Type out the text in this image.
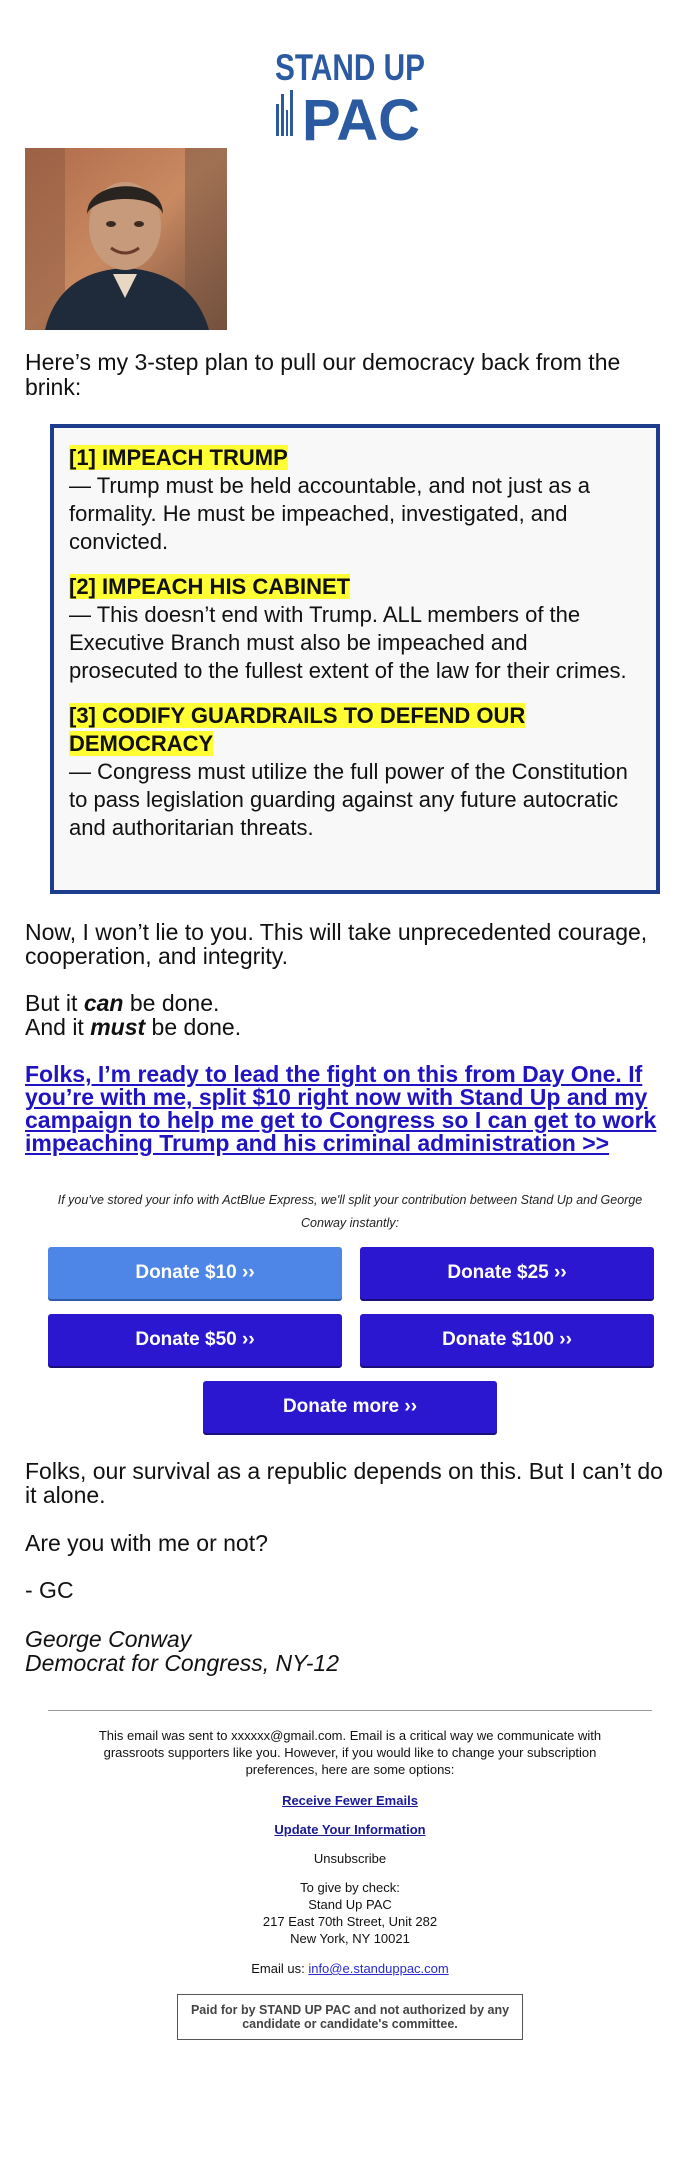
STAND UP
PAC

Here’s my 3-step plan to pull our democracy back from the brink:

[1] IMPEACH TRUMP
— Trump must be held accountable, and not just as a formality. He must be impeached, investigated, and convicted.
[2] IMPEACH HIS CABINET
— This doesn’t end with Trump. ALL members of the Executive Branch must also be impeached and prosecuted to the fullest extent of the law for their crimes.
[3] CODIFY GUARDRAILS TO DEFEND OUR DEMOCRACY
— Congress must utilize the full power of the Constitution to pass legislation guarding against any future autocratic and authoritarian threats.

Now, I won’t lie to you. This will take unprecedented courage, cooperation, and integrity.

But it can be done.
And it must be done.

Folks, I’m ready to lead the fight on this from Day One. If you’re with me, split $10 right now with Stand Up and my campaign to help me get to Congress so I can get to work impeaching Trump and his criminal administration >>

If you've stored your info with ActBlue Express, we'll split your contribution between Stand Up and George Conway instantly:

Donate $10 ››	Donate $25 ››
Donate $50 ››	Donate $100 ››
Donate more ››

Folks, our survival as a republic depends on this. But I can’t do it alone.

Are you with me or not?

- GC

George Conway
Democrat for Congress, NY-12

This email was sent to xxxxxx@gmail.com. Email is a critical way we communicate with grassroots supporters like you. However, if you would like to change your subscription preferences, here are some options:

Receive Fewer Emails

Update Your Information

Unsubscribe

To give by check:

Stand Up PAC

217 East 70th Street, Unit 282

New York, NY 10021

Email us: info@e.standuppac.com

Paid for by STAND UP PAC and not authorized by any candidate or candidate's committee.
